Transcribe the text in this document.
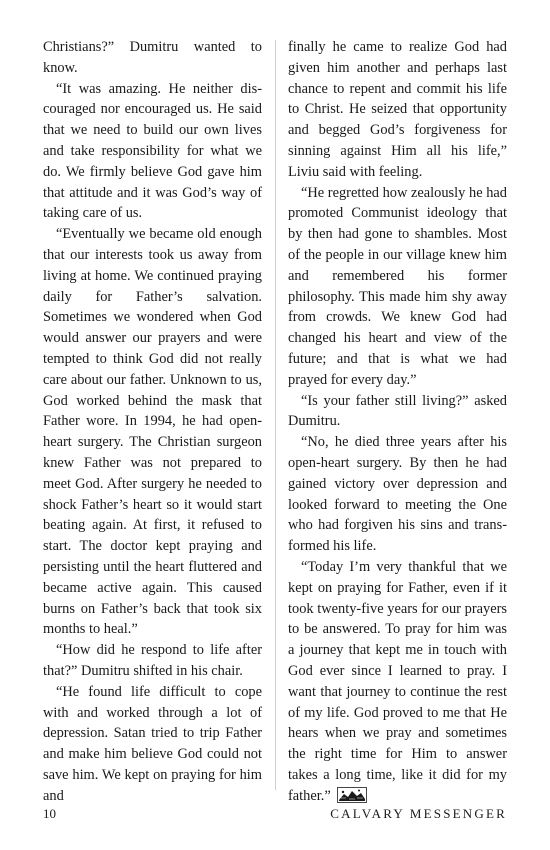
Christians?” Dumitru wanted to know.

“It was amazing. He neither discouraged nor encouraged us. He said that we need to build our own lives and take responsibility for what we do. We firmly believe God gave him that attitude and it was God’s way of taking care of us.

“Eventually we became old enough that our interests took us away from living at home. We continued praying daily for Father’s salvation. Sometimes we wondered when God would answer our prayers and were tempted to think God did not really care about our father. Unknown to us, God worked behind the mask that Father wore. In 1994, he had open-heart surgery. The Christian surgeon knew Father was not prepared to meet God. After surgery he needed to shock Father’s heart so it would start beating again. At first, it refused to start. The doctor kept praying and persisting until the heart fluttered and became active again. This caused burns on Father’s back that took six months to heal.”

“How did he respond to life after that?” Dumitru shifted in his chair.

“He found life difficult to cope with and worked through a lot of depression. Satan tried to trip Father and make him believe God could not save him. We kept on praying for him and

finally he came to realize God had given him another and perhaps last chance to repent and commit his life to Christ. He seized that opportunity and begged God’s forgiveness for sinning against Him all his life,” Liviu said with feeling.

“He regretted how zealously he had promoted Communist ideology that by then had gone to shambles. Most of the people in our village knew him and remembered his former philosophy. This made him shy away from crowds. We knew God had changed his heart and view of the future; and that is what we had prayed for every day.”

“Is your father still living?” asked Dumitru.

“No, he died three years after his open-heart surgery. By then he had gained victory over depression and looked forward to meeting the One who had forgiven his sins and transformed his life.

“Today I’m very thankful that we kept on praying for Father, even if it took twenty-five years for our prayers to be answered. To pray for him was a journey that kept me in touch with God ever since I learned to pray. I want that journey to continue the rest of my life. God proved to me that He hears when we pray and sometimes the right time for Him to answer takes a long time, like it did for my father.”

10	CALVARY MESSENGER
